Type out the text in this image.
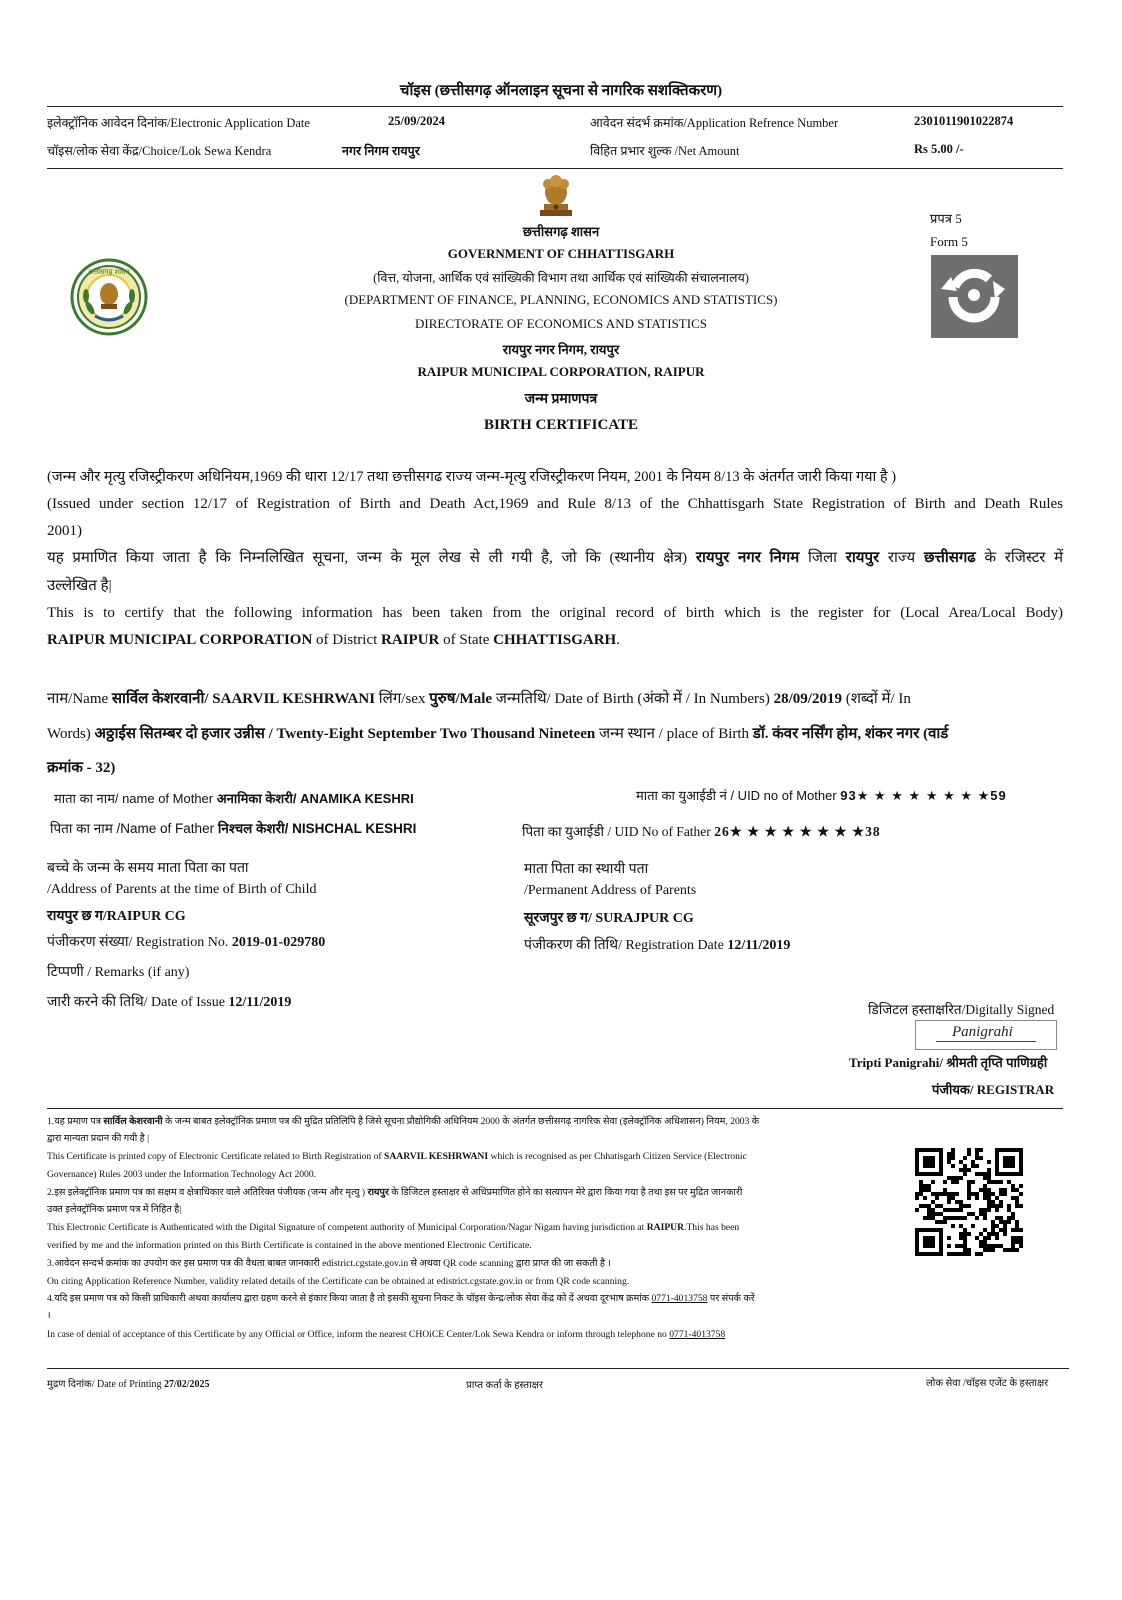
चॉइस (छत्तीसगढ़ ऑनलाइन सूचना से नागरिक सशक्तिकरण)
इलेक्ट्रॉनिक आवेदन दिनांक/Electronic Application Date	25/09/2024	आवेदन संदर्भ क्रमांक/Application Refrence Number	2301011901022874
चॉइस/लोक सेवा केंद्र/Choice/Lok Sewa Kendra	नगर निगम रायपुर	विहित प्रभार शुल्क /Net Amount	Rs 5.00 /-
छत्तीसगढ़ शासन
प्रपत्र 5
Form 5
छत्तीसगढ़ शासन
GOVERNMENT OF CHHATTISGARH
(वित्त, योजना, आर्थिक एवं सांख्यिकी विभाग तथा आर्थिक एवं सांख्यिकी संचालनालय)
(DEPARTMENT OF FINANCE, PLANNING, ECONOMICS AND STATISTICS)
DIRECTORATE OF ECONOMICS AND STATISTICS
रायपुर नगर निगम, रायपुर
RAIPUR MUNICIPAL CORPORATION, RAIPUR
जन्म प्रमाणपत्र
BIRTH CERTIFICATE
(जन्म और मृत्यु रजिस्ट्रीकरण अधिनियम,1969 की धारा 12/17 तथा छत्तीसगढ राज्य जन्म-मृत्यु रजिस्ट्रीकरण नियम, 2001 के नियम 8/13 के अंतर्गत जारी किया गया है )
(Issued under section 12/17 of Registration of Birth and Death Act,1969 and Rule 8/13 of the Chhattisgarh State Registration of Birth and Death Rules
2001)
यह प्रमाणित किया जाता है कि निम्नलिखित सूचना, जन्म के मूल लेख से ली गयी है, जो कि (स्थानीय क्षेत्र) रायपुर नगर निगम जिला रायपुर राज्य छत्तीसगढ के रजिस्टर में
उल्लेखित है|
This is to certify that the following information has been taken from the original record of birth which is the register for (Local Area/Local Body)
RAIPUR MUNICIPAL CORPORATION of District RAIPUR of State CHHATTISGARH.
नाम/Name सार्विल केशरवानी/ SAARVIL KESHRWANI लिंग/sex पुरुष/Male जन्मतिथि/ Date of Birth (अंको में / In Numbers) 28/09/2019 (शब्दों में/ In
Words) अठ्ठाईस सितम्बर दो हजार उन्नीस / Twenty-Eight September Two Thousand Nineteen जन्म स्थान / place of Birth डॉ. कंवर नर्सिंग होम, शंकर नगर (वार्ड
क्रमांक - 32)
माता का नाम/ name of Mother अनामिका केशरी/ ANAMIKA KESHRI	माता का युआईडी नं / UID no of Mother 93★ ★ ★ ★ ★ ★ ★ ★59
पिता का नाम /Name of Father निश्चल केशरी/ NISHCHAL KESHRI	पिता का युआईडी / UID No of Father 26★ ★ ★ ★ ★ ★ ★ ★38
बच्चे के जन्म के समय माता पिता का पता
/Address of Parents at the time of Birth of Child
रायपुर छ ग/RAIPUR CG
माता पिता का स्थायी पता
/Permanent Address of Parents
सूरजपुर छ ग/ SURAJPUR CG
पंजीकरण संख्या/ Registration No. 2019-01-029780	पंजीकरण की तिथि/ Registration Date 12/11/2019
टिप्पणी / Remarks (if any)
जारी करने की तिथि/ Date of Issue 12/11/2019	डिजिटल हस्ताक्षरित/Digitally Signed
Panigrahi
Tripti Panigrahi/ श्रीमती तृप्ति पाणिग्रही
पंजीयक/ REGISTRAR
1.यह प्रमाण पत्र सार्विल केशरवानी के जन्म बाबत इलेक्ट्रॉनिक प्रमाण पत्र की मुद्रित प्रतिलिपि है जिसे सूचना प्रौद्योगिकी अधिनियम 2000 के अंतर्गत छत्तीसगढ़ नागरिक सेवा (इलेक्ट्रॉनिक अधिशासन) नियम, 2003 के
द्वारा मान्यता प्रदान की गयी है |
This Certificate is printed copy of Electronic Certificate related to Birth Registration of SAARVIL KESHRWANI which is recognised as per Chhatisgarh Citizen Service (Electronic
Governance) Rules 2003 under the Information Technology Act 2000.
2.इस इलेक्ट्रॉनिक प्रमाण पत्र का सक्षम व क्षेत्राधिकार वाले अतिरिक्त पंजीयक (जन्म और मृत्यु ) रायपुर के डिजिटल हस्ताक्षर से अधिप्रमाणित होने का सत्यापन मेरे द्वारा किया गया है तथा इस पर मुद्रित जानकारी
उक्त इलेक्ट्रॉनिक प्रमाण पत्र में निहित है|
This Electronic Certificate is Authenticated with the Digital Signature of competent authority of Municipal Corporation/Nagar Nigam having jurisdiction at RAIPUR.This has been
verified by me and the information printed on this Birth Certificate is contained in the above mentioned Electronic Certificate.
3.आवेदन सन्दर्भ क्रमांक का उपयोग कर इस प्रमाण पत्र की वैधता बाबत जानकारी edistrict.cgstate.gov.in से अथवा QR code scanning द्वारा प्राप्त की जा सकती है ।
On citing Application Reference Number, validity related details of the Certificate can be obtained at edistrict.cgstate.gov.in or from QR code scanning.
4.यदि इस प्रमाण पत्र को किसी प्राधिकारी अथवा कार्यालय द्वारा ग्रहण करने से इंकार किया जाता है तो इसकी सूचना निकट के चॉइस केन्द्र/लोक सेवा केंद्र को दें अथवा दूरभाष क्रमांक 0771-4013758 पर संपर्क करें
।
In case of denial of acceptance of this Certificate by any Official or Office, inform the nearest CHOiCE Center/Lok Sewa Kendra or inform through telephone no 0771-4013758
मुद्रण दिनांक/ Date of Printing 27/02/2025	प्राप्त कर्ता के हस्ताक्षर	लोक सेवा /चॉइस एजेंट के हस्ताक्षर
